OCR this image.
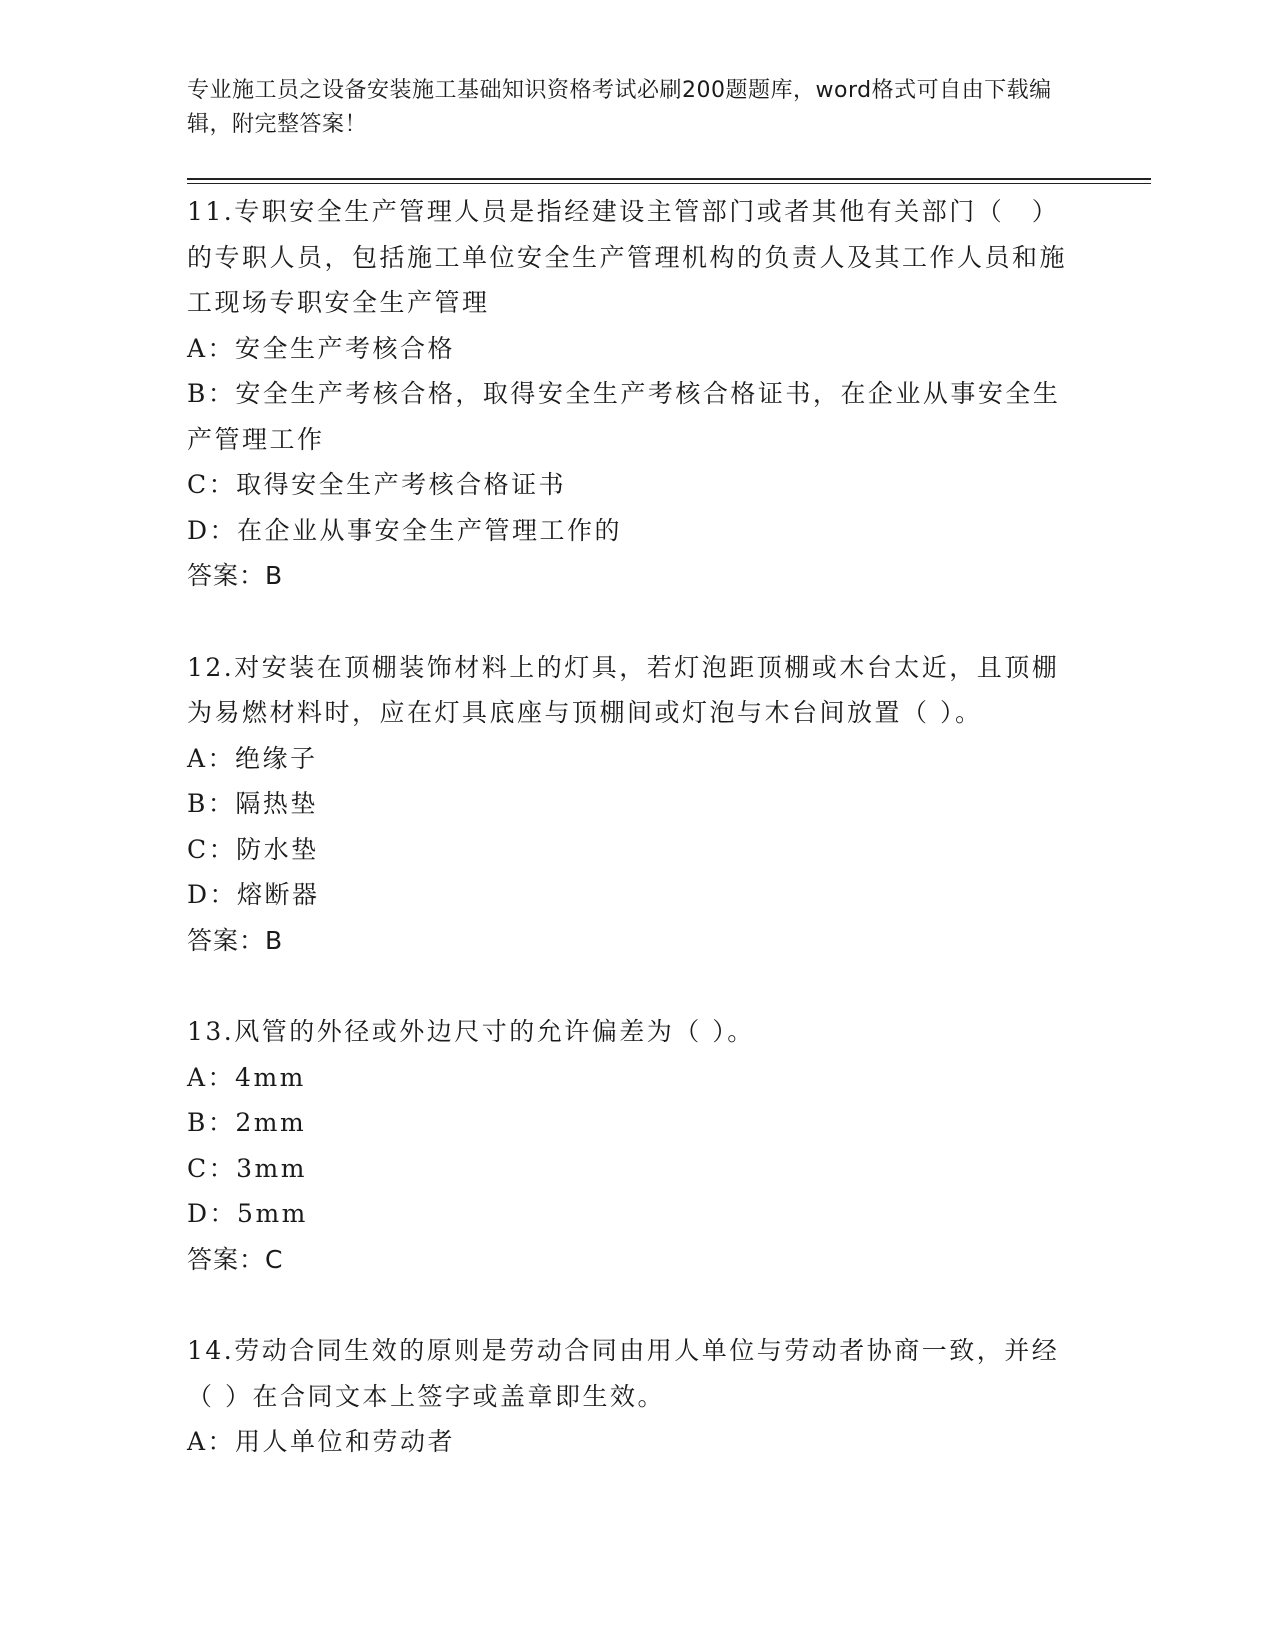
专业施工员之设备安装施工基础知识资格考试必刷200题题库，word格式可自由下载编辑，附完整答案！
11.专职安全生产管理人员是指经建设主管部门或者其他有关部门（　）的专职人员，包括施工单位安全生产管理机构的负责人及其工作人员和施工现场专职安全生产管理
A：安全生产考核合格
B：安全生产考核合格，取得安全生产考核合格证书，在企业从事安全生产管理工作
C：取得安全生产考核合格证书
D：在企业从事安全生产管理工作的
答案：B
12.对安装在顶棚装饰材料上的灯具，若灯泡距顶棚或木台太近，且顶棚为易燃材料时，应在灯具底座与顶棚间或灯泡与木台间放置（ ）。
A：绝缘子
B：隔热垫
C：防水垫
D：熔断器
答案：B
13.风管的外径或外边尺寸的允许偏差为（ ）。
A：4mm
B：2mm
C：3mm
D：5mm
答案：C
14.劳动合同生效的原则是劳动合同由用人单位与劳动者协商一致，并经（ ）在合同文本上签字或盖章即生效。
A：用人单位和劳动者
